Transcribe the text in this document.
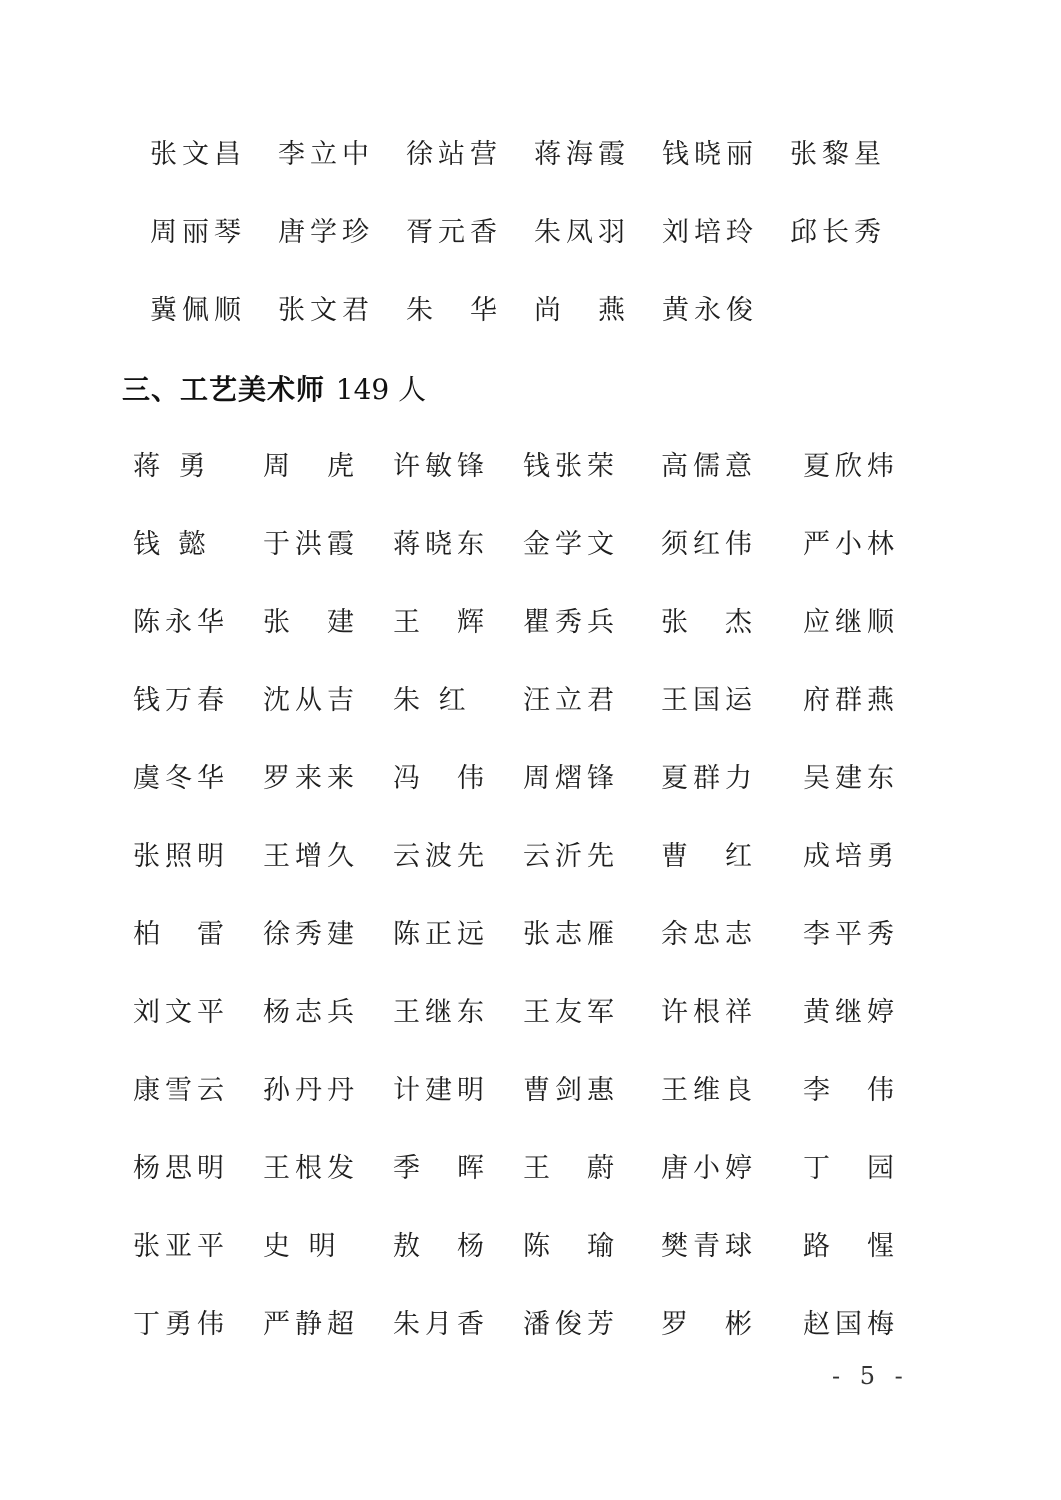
张文昌	李立中	徐站营	蒋海霞	钱晓丽	张黎星
周丽琴	唐学珍	胥元香	朱凤羽	刘培玲	邱长秀
冀佩顺	张文君	朱　华	尚　燕	黄永俊
三、工艺美术师 149 人
蒋 勇	周　虎	许敏锋	钱张荣	高儒意	夏欣炜
钱 懿	于洪霞	蒋晓东	金学文	须红伟	严小林
陈永华	张　建	王　辉	瞿秀兵	张　杰	应继顺
钱万春	沈从吉	朱 红	汪立君	王国运	府群燕
虞冬华	罗来来	冯　伟	周熠锋	夏群力	吴建东
张照明	王增久	云波先	云沂先	曹　红	成培勇
柏　雷	徐秀建	陈正远	张志雁	余忠志	李平秀
刘文平	杨志兵	王继东	王友军	许根祥	黄继婷
康雪云	孙丹丹	计建明	曹剑惠	王维良	李　伟
杨思明	王根发	季　晖	王　蔚	唐小婷	丁　园
张亚平	史 明	敖　杨	陈　瑜	樊青球	路　惺
丁勇伟	严静超	朱月香	潘俊芳	罗　彬	赵国梅
- 5 -
